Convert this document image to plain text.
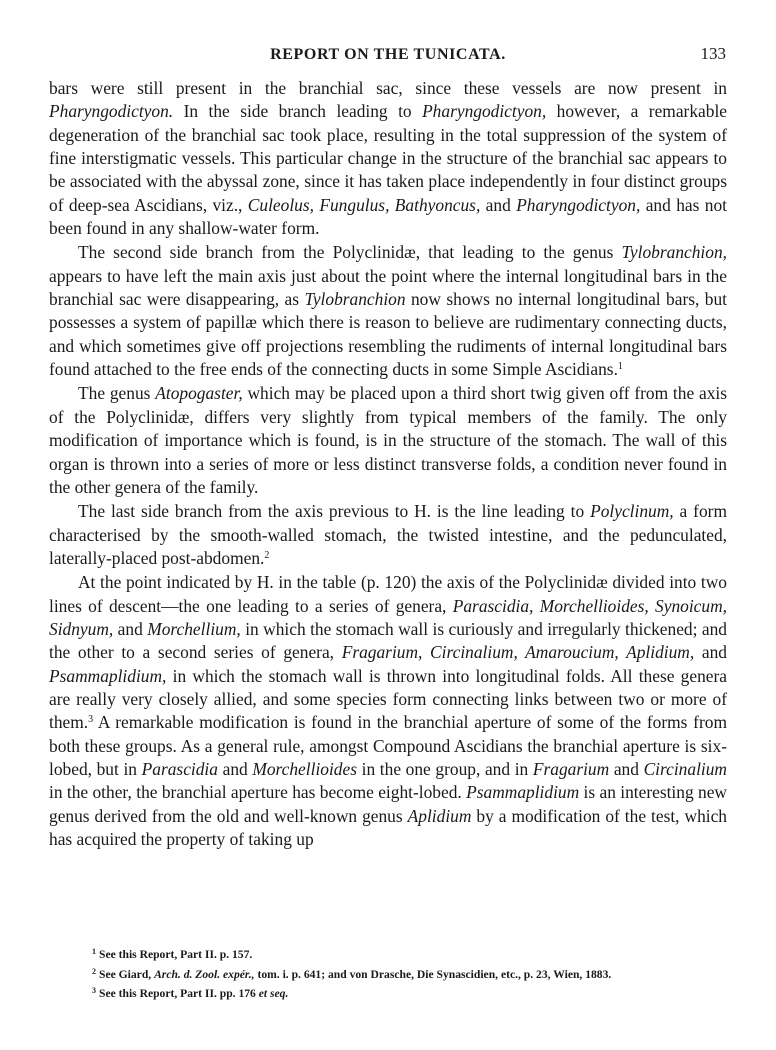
REPORT ON THE TUNICATA.	133

bars were still present in the branchial sac, since these vessels are now present in Pharyngodictyon. In the side branch leading to Pharyngodictyon, however, a remarkable degeneration of the branchial sac took place, resulting in the total suppression of the system of fine interstigmatic vessels. This particular change in the structure of the branchial sac appears to be associated with the abyssal zone, since it has taken place independently in four distinct groups of deep-sea Ascidians, viz., Culeolus, Fungulus, Bathyoncus, and Pharyngodictyon, and has not been found in any shallow-water form.

The second side branch from the Polyclinidæ, that leading to the genus Tylobranchion, appears to have left the main axis just about the point where the internal longitudinal bars in the branchial sac were disappearing, as Tylobranchion now shows no internal longitudinal bars, but possesses a system of papillæ which there is reason to believe are rudimentary connecting ducts, and which sometimes give off projections resembling the rudiments of internal longitudinal bars found attached to the free ends of the connecting ducts in some Simple Ascidians.$^1$

The genus Atopogaster, which may be placed upon a third short twig given off from the axis of the Polyclinidæ, differs very slightly from typical members of the family. The only modification of importance which is found, is in the structure of the stomach. The wall of this organ is thrown into a series of more or less distinct transverse folds, a condition never found in the other genera of the family.

The last side branch from the axis previous to H. is the line leading to Polyclinum, a form characterised by the smooth-walled stomach, the twisted intestine, and the pedunculated, laterally-placed post-abdomen.$^2$

At the point indicated by H. in the table (p. 120) the axis of the Polyclinidæ divided into two lines of descent—the one leading to a series of genera, Parascidia, Morchellioides, Synoicum, Sidnyum, and Morchellium, in which the stomach wall is curiously and irregularly thickened; and the other to a second series of genera, Fragarium, Circinalium, Amaroucium, Aplidium, and Psammaplidium, in which the stomach wall is thrown into longitudinal folds. All these genera are really very closely allied, and some species form connecting links between two or more of them.$^3$ A remarkable modification is found in the branchial aperture of some of the forms from both these groups. As a general rule, amongst Compound Ascidians the branchial aperture is six-lobed, but in Parascidia and Morchellioides in the one group, and in Fragarium and Circinalium in the other, the branchial aperture has become eight-lobed. Psammaplidium is an interesting new genus derived from the old and well-known genus Aplidium by a modification of the test, which has acquired the property of taking up

$^1$ See this Report, Part II. p. 157.
$^2$ See Giard, Arch. d. Zool. expér., tom. i. p. 641; and von Drasche, Die Synascidien, etc., p. 23, Wien, 1883.
$^3$ See this Report, Part II. pp. 176 et seq.
